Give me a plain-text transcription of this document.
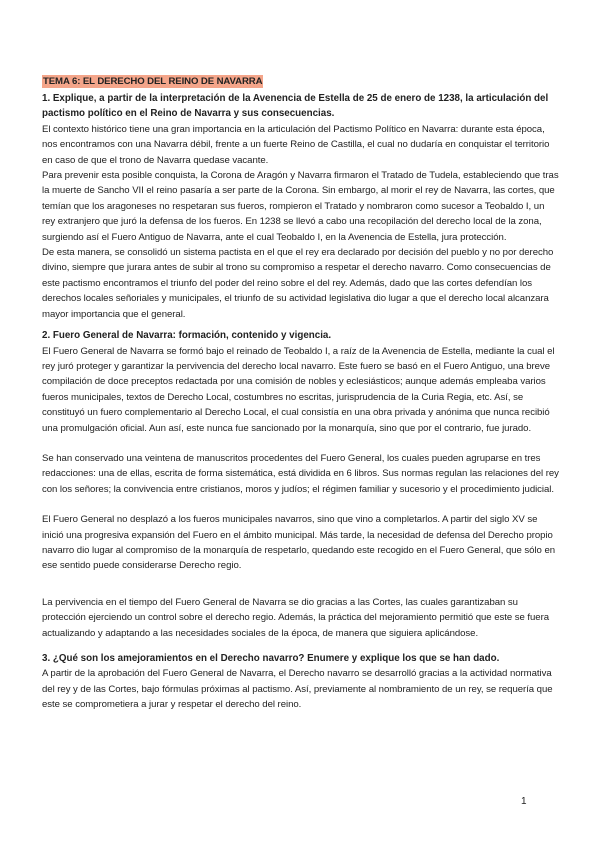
TEMA 6: EL DERECHO DEL REINO DE NAVARRA

1. Explique, a partir de la interpretación de la Avenencia de Estella de 25 de enero de 1238, la articulación del pactismo político en el Reino de Navarra y sus consecuencias.

El contexto histórico tiene una gran importancia en la articulación del Pactismo Político en Navarra: durante esta época, nos encontramos con una Navarra débil, frente a un fuerte Reino de Castilla, el cual no dudaría en conquistar el territorio en caso de que el trono de Navarra quedase vacante.

Para prevenir esta posible conquista, la Corona de Aragón y Navarra firmaron el Tratado de Tudela, estableciendo que tras la muerte de Sancho VII el reino pasaría a ser parte de la Corona. Sin embargo, al morir el rey de Navarra, las cortes, que temían que los aragoneses no respetaran sus fueros, rompieron el Tratado y nombraron como sucesor a Teobaldo I, un rey extranjero que juró la defensa de los fueros. En 1238 se llevó a cabo una recopilación del derecho local de la zona, surgiendo así el Fuero Antiguo de Navarra, ante el cual Teobaldo I, en la Avenencia de Estella, jura protección.

De esta manera, se consolidó un sistema pactista en el que el rey era declarado por decisión del pueblo y no por derecho divino, siempre que jurara antes de subir al trono su compromiso a respetar el derecho navarro. Como consecuencias de este pactismo encontramos el triunfo del poder del reino sobre el del rey. Además, dado que las cortes defendían los derechos locales señoriales y municipales, el triunfo de su actividad legislativa dio lugar a que el derecho local alcanzara mayor importancia que el general.

2. Fuero General de Navarra: formación, contenido y vigencia.

El Fuero General de Navarra se formó bajo el reinado de Teobaldo I, a raíz de la Avenencia de Estella, mediante la cual el rey juró proteger y garantizar la pervivencia del derecho local navarro. Este fuero se basó en el Fuero Antiguo, una breve compilación de doce preceptos redactada por una comisión de nobles y eclesiásticos; aunque además empleaba varios fueros municipales, textos de Derecho Local, costumbres no escritas, jurisprudencia de la Curia Regia, etc. Así, se constituyó un fuero complementario al Derecho Local, el cual consistía en una obra privada y anónima que nunca recibió una promulgación oficial. Aun así, este nunca fue sancionado por la monarquía, sino que por el contrario, fue jurado.

Se han conservado una veintena de manuscritos procedentes del Fuero General, los cuales pueden agruparse en tres redacciones: una de ellas, escrita de forma sistemática, está dividida en 6 libros. Sus normas regulan las relaciones del rey con los señores; la convivencia entre cristianos, moros y judíos; el régimen familiar y sucesorio y el procedimiento judicial.

El Fuero General no desplazó a los fueros municipales navarros, sino que vino a completarlos. A partir del siglo XV se inició una progresiva expansión del Fuero en el ámbito municipal. Más tarde, la necesidad de defensa del Derecho propio navarro dio lugar al compromiso de la monarquía de respetarlo, quedando este recogido en el Fuero General, que sólo en ese sentido puede considerarse Derecho regio.

La pervivencia en el tiempo del Fuero General de Navarra se dio gracias a las Cortes, las cuales garantizaban su protección ejerciendo un control sobre el derecho regio. Además, la práctica del mejoramiento permitió que este se fuera actualizando y adaptando a las necesidades sociales de la época, de manera que siguiera aplicándose.

3. ¿Qué son los amejoramientos en el Derecho navarro? Enumere y explique los que se han dado.

A partir de la aprobación del Fuero General de Navarra, el Derecho navarro se desarrolló gracias a la actividad normativa del rey y de las Cortes, bajo fórmulas próximas al pactismo. Así, previamente al nombramiento de un rey, se requería que este se comprometiera a jurar y respetar el derecho del reino.

1
